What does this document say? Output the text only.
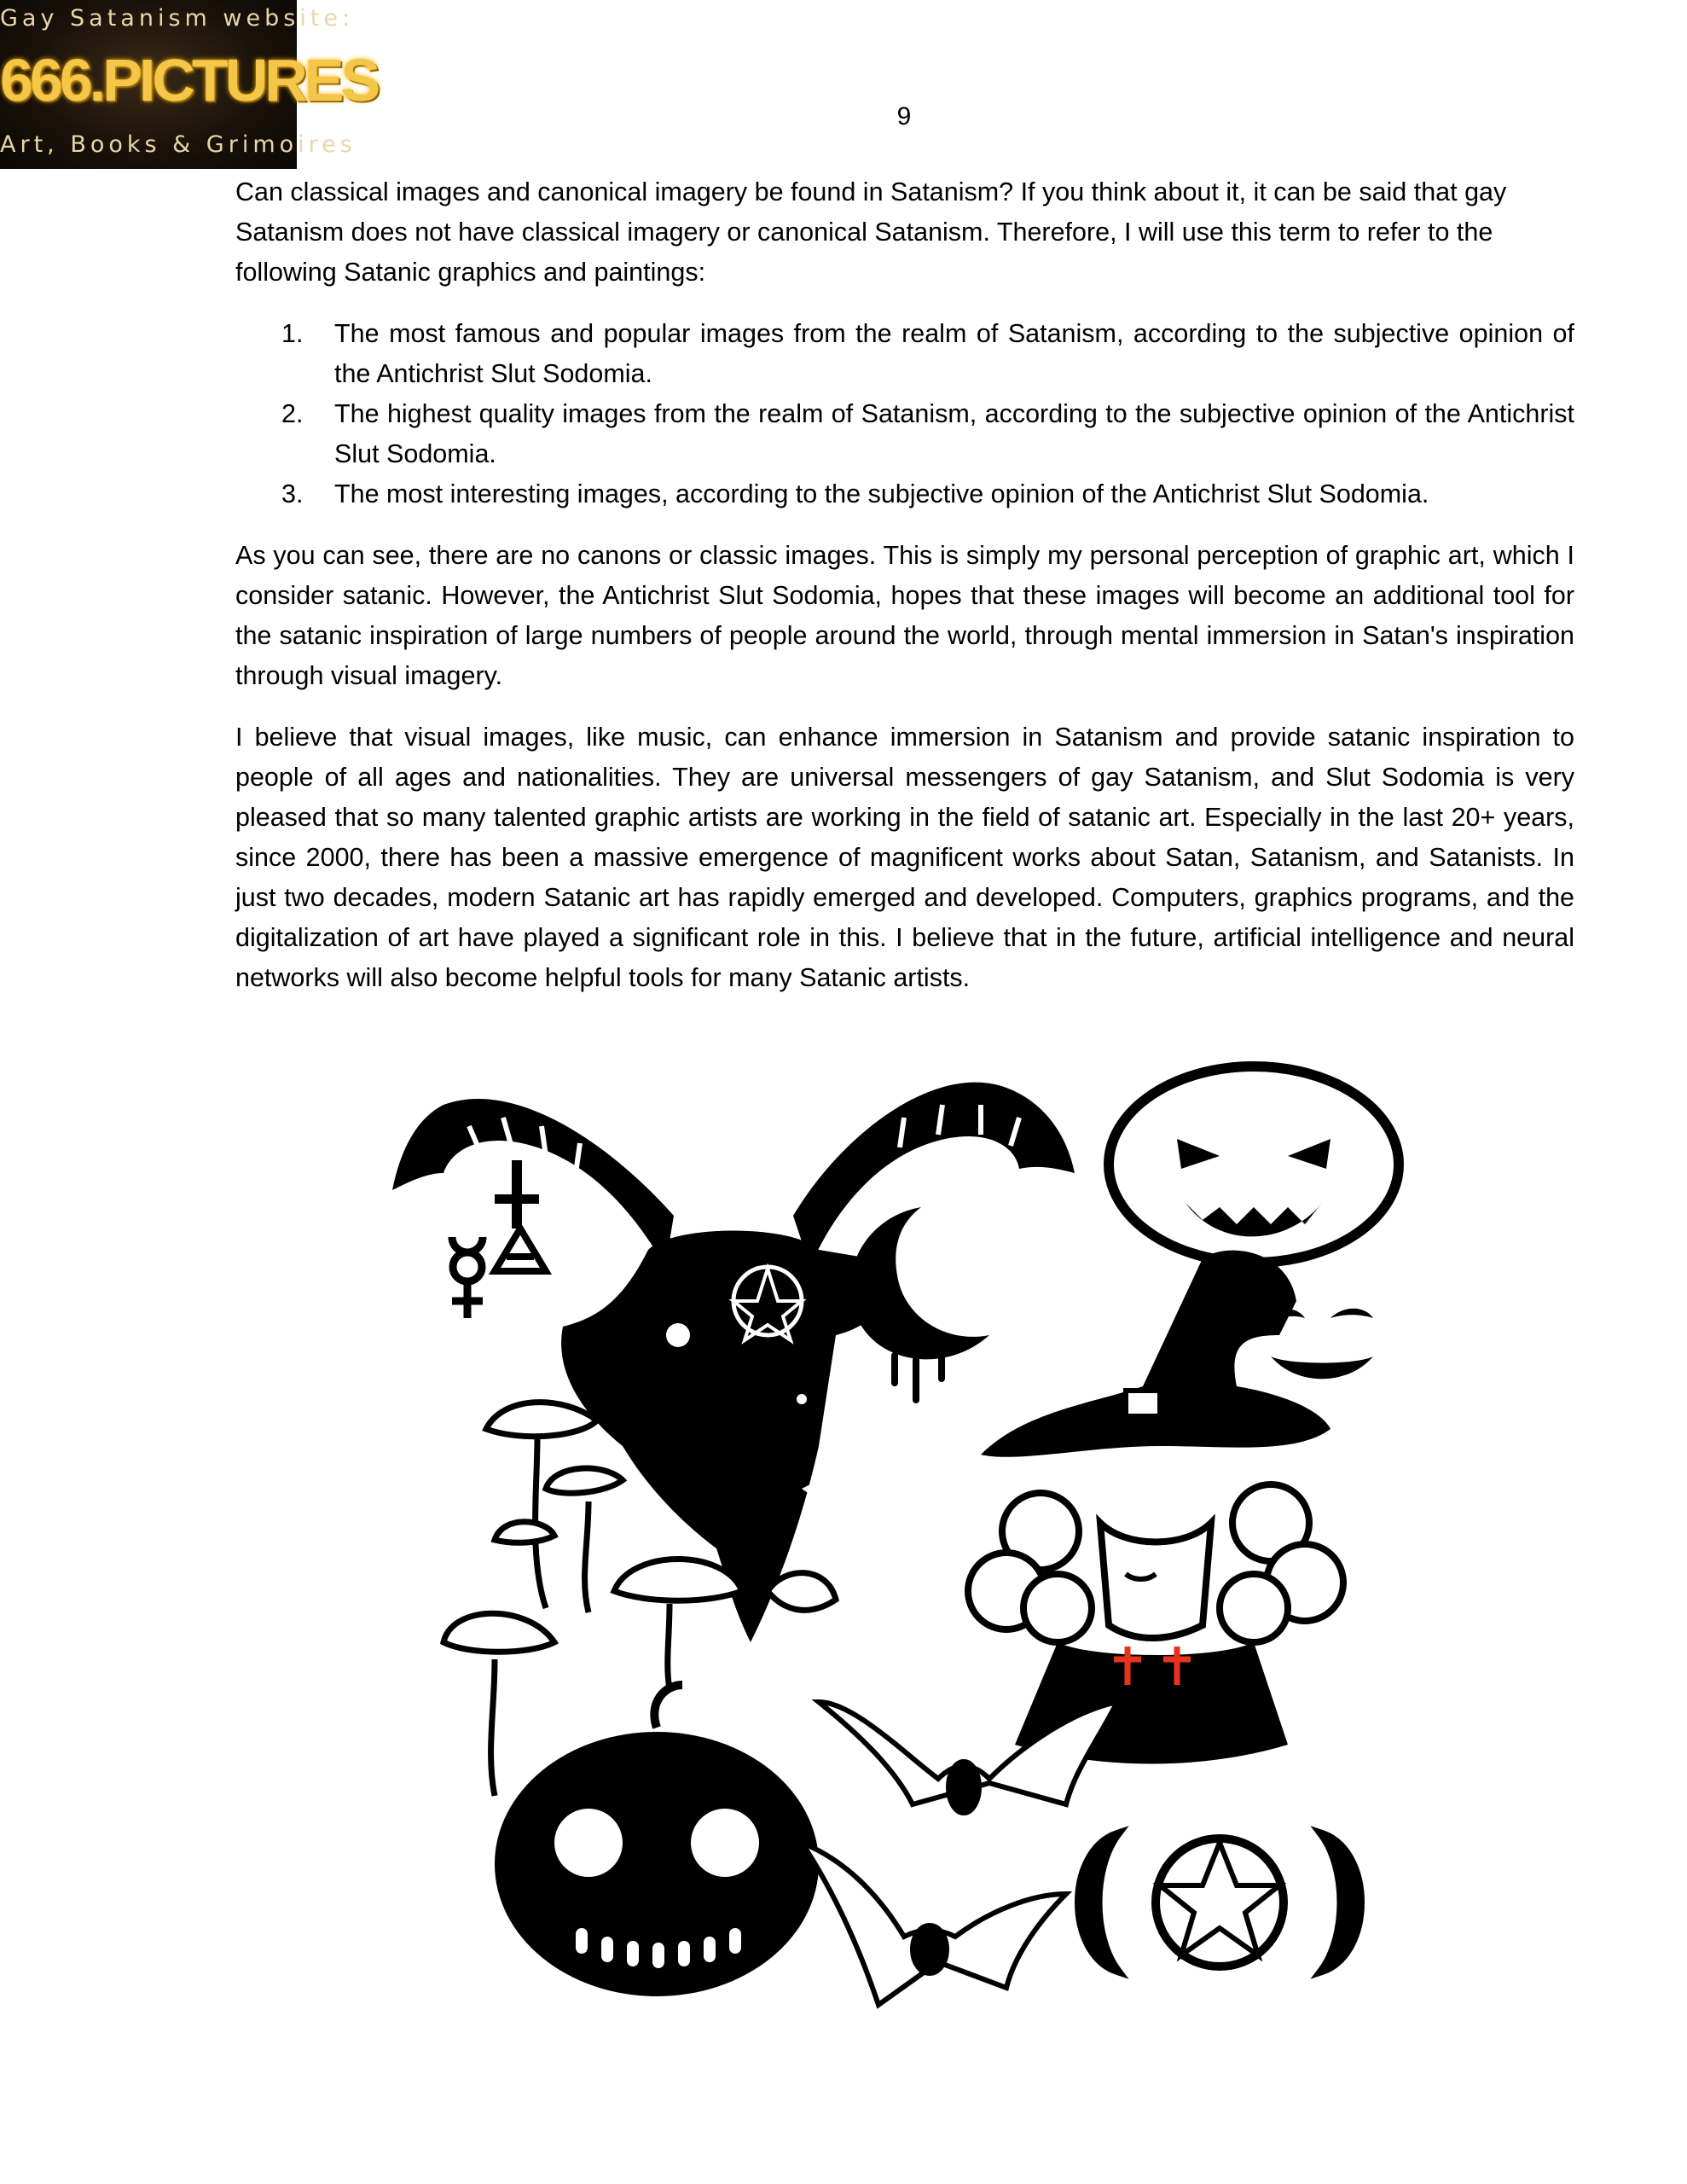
Gay Satanism website:
666.PICTURES
Art, Books & Grimoires
9

Can classical images and canonical imagery be found in Satanism? If you think about it, it can be said that gay Satanism does not have classical imagery or canonical Satanism. Therefore, I will use this term to refer to the following Satanic graphics and paintings:

1. The most famous and popular images from the realm of Satanism, according to the subjective opinion of the Antichrist Slut Sodomia.
2. The highest quality images from the realm of Satanism, according to the subjective opinion of the Antichrist Slut Sodomia.
3. The most interesting images, according to the subjective opinion of the Antichrist Slut Sodomia.

As you can see, there are no canons or classic images. This is simply my personal perception of graphic art, which I consider satanic. However, the Antichrist Slut Sodomia, hopes that these images will become an additional tool for the satanic inspiration of large numbers of people around the world, through mental immersion in Satan's inspiration through visual imagery.

I believe that visual images, like music, can enhance immersion in Satanism and provide satanic inspiration to people of all ages and nationalities. They are universal messengers of gay Satanism, and Slut Sodomia is very pleased that so many talented graphic artists are working in the field of satanic art. Especially in the last 20+ years, since 2000, there has been a massive emergence of magnificent works about Satan, Satanism, and Satanists. In just two decades, modern Satanic art has rapidly emerged and developed. Computers, graphics programs, and the digitalization of art have played a significant role in this. I believe that in the future, artificial intelligence and neural networks will also become helpful tools for many Satanic artists.
